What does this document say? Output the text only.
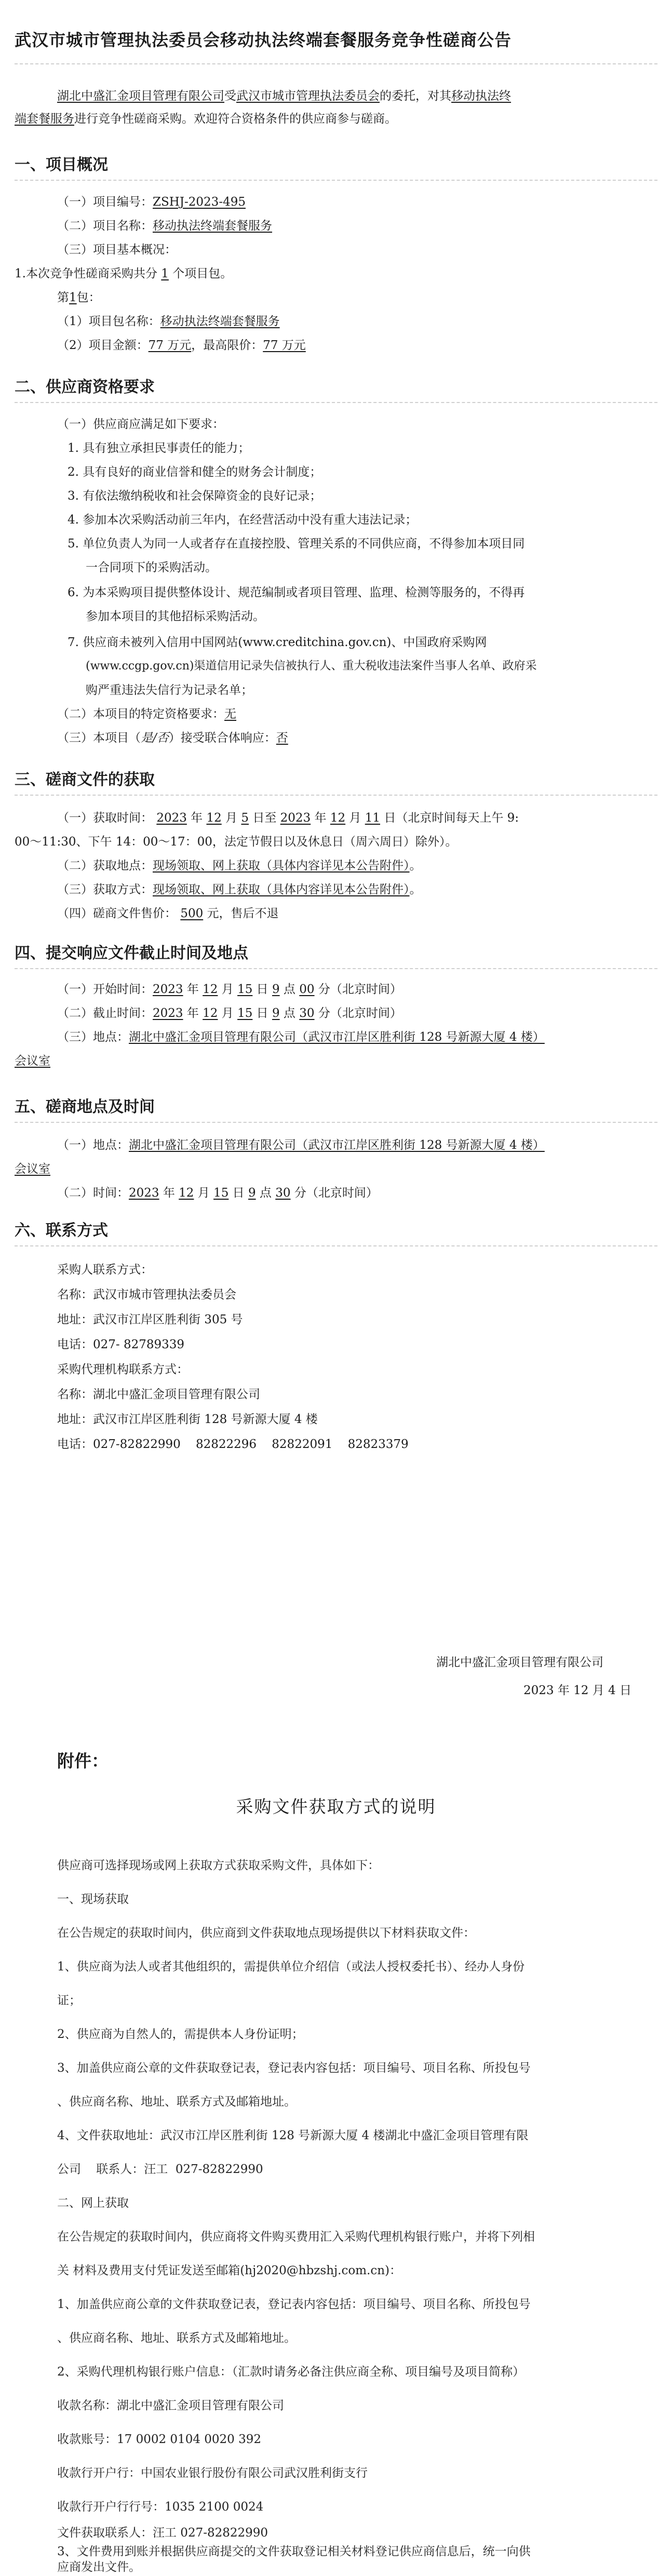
武汉市城市管理执法委员会移动执法终端套餐服务竞争性磋商公告
湖北中盛汇金项目管理有限公司受武汉市城市管理执法委员会的委托，对其移动执法终
端套餐服务进行竞争性磋商采购。欢迎符合资格条件的供应商参与磋商。
一、项目概况
（一）项目编号：ZSHJ-2023-495
（二）项目名称：移动执法终端套餐服务
（三）项目基本概况：
1.本次竞争性磋商采购共分 1 个项目包。
第1包：
（1）项目包名称：移动执法终端套餐服务
（2）项目金额：77 万元，最高限价：77 万元
二、供应商资格要求
（一）供应商应满足如下要求：
1. 具有独立承担民事责任的能力；
2. 具有良好的商业信誉和健全的财务会计制度；
3. 有依法缴纳税收和社会保障资金的良好记录；
4. 参加本次采购活动前三年内，在经营活动中没有重大违法记录；
5. 单位负责人为同一人或者存在直接控股、管理关系的不同供应商，不得参加本项目同
一合同项下的采购活动。
6. 为本采购项目提供整体设计、规范编制或者项目管理、监理、检测等服务的，不得再
参加本项目的其他招标采购活动。
7. 供应商未被列入信用中国网站(www.creditchina.gov.cn)、中国政府采购网
(www.ccgp.gov.cn)渠道信用记录失信被执行人、重大税收违法案件当事人名单、政府采
购严重违法失信行为记录名单；
（二）本项目的特定资格要求：无
（三）本项目（是/否）接受联合体响应：否
三、磋商文件的获取
（一）获取时间： 2023 年 12 月 5 日至 2023 年 12 月 11 日（北京时间每天上午 9:
00～11:30、下午 14：00～17：00，法定节假日以及休息日（周六周日）除外）。
（二）获取地点：现场领取、网上获取（具体内容详见本公告附件）。
（三）获取方式：现场领取、网上获取（具体内容详见本公告附件）。
（四）磋商文件售价： 500 元，售后不退
四、提交响应文件截止时间及地点
（一）开始时间：2023 年 12 月 15 日 9 点 00 分（北京时间）
（二）截止时间：2023 年 12 月 15 日 9 点 30 分（北京时间）
（三）地点：湖北中盛汇金项目管理有限公司（武汉市江岸区胜利街 128 号新源大厦 4 楼）
会议室
五、磋商地点及时间
（一）地点：湖北中盛汇金项目管理有限公司（武汉市江岸区胜利街 128 号新源大厦 4 楼）
会议室
（二）时间：2023 年 12 月 15 日 9 点 30 分（北京时间）
六、联系方式
采购人联系方式：
名称：武汉市城市管理执法委员会
地址：武汉市江岸区胜利街 305 号
电话：027- 82789339
采购代理机构联系方式：
名称：湖北中盛汇金项目管理有限公司
地址：武汉市江岸区胜利街 128 号新源大厦 4 楼
电话：027-82822990    82822296    82822091    82823379
湖北中盛汇金项目管理有限公司
2023 年 12 月 4 日
附件：
采购文件获取方式的说明
供应商可选择现场或网上获取方式获取采购文件，具体如下：
一、现场获取
在公告规定的获取时间内，供应商到文件获取地点现场提供以下材料获取文件：
1、供应商为法人或者其他组织的，需提供单位介绍信（或法人授权委托书）、经办人身份
证；
2、供应商为自然人的，需提供本人身份证明；
3、加盖供应商公章的文件获取登记表，登记表内容包括：项目编号、项目名称、所投包号
、供应商名称、地址、联系方式及邮箱地址。
4、文件获取地址：武汉市江岸区胜利街 128 号新源大厦 4 楼湖北中盛汇金项目管理有限
公司    联系人：汪工  027-82822990
二、网上获取
在公告规定的获取时间内，供应商将文件购买费用汇入采购代理机构银行账户，并将下列相
关 材料及费用支付凭证发送至邮箱(hj2020@hbzshj.com.cn)：
1、加盖供应商公章的文件获取登记表，登记表内容包括：项目编号、项目名称、所投包号
、供应商名称、地址、联系方式及邮箱地址。
2、采购代理机构银行账户信息：（汇款时请务必备注供应商全称、项目编号及项目简称）
收款名称：湖北中盛汇金项目管理有限公司
收款账号：17 0002 0104 0020 392
收款行开户行：中国农业银行股份有限公司武汉胜利街支行
收款行开户行行号：1035 2100 0024
文件获取联系人：汪工 027-82822990
3、文件费用到账并根据供应商提交的文件获取登记相关材料登记供应商信息后，统一向供
应商发出文件。
